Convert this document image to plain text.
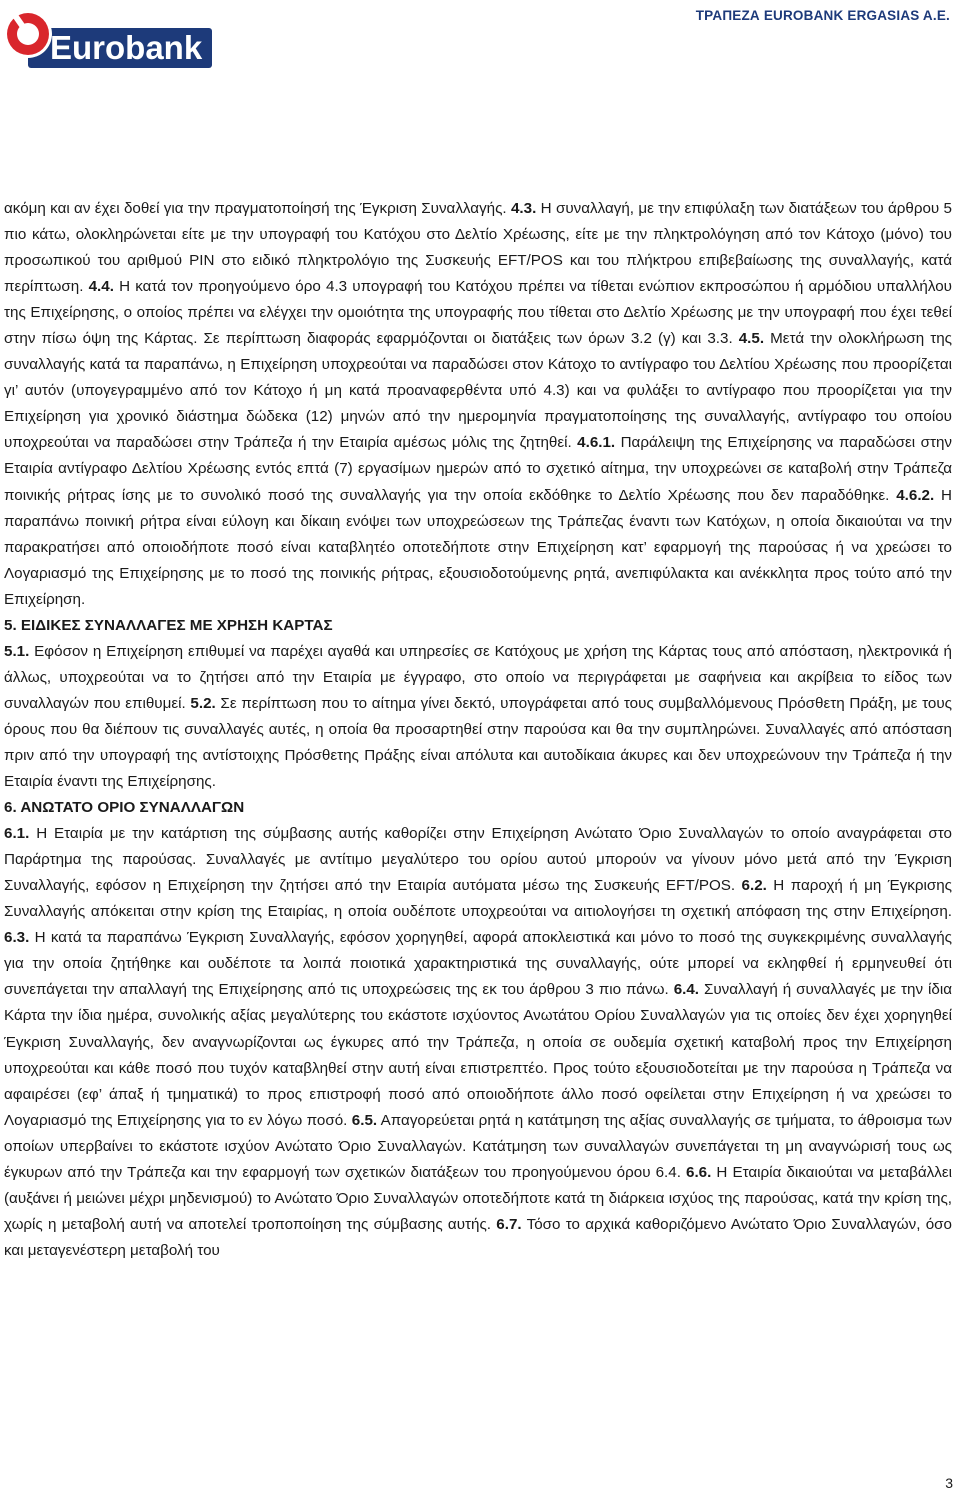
Eurobank
ΤΡΑΠΕΖΑ EUROBANK ERGASIAS A.E.

ακόμη και αν έχει δοθεί για την πραγματοποίησή της Έγκριση Συναλλαγής. 4.3. Η συναλλαγή, με την επιφύλαξη των διατάξεων του άρθρου 5 πιο κάτω, ολοκληρώνεται είτε με την υπογραφή του Κατόχου στο Δελτίο Χρέωσης, είτε με την πληκτρολόγηση από τον Κάτοχο (μόνο) του προσωπικού του αριθμού PIN στο ειδικό πληκτρολόγιο της Συσκευής EFT/POS και του πλήκτρου επιβεβαίωσης της συναλλαγής, κατά περίπτωση. 4.4. Η κατά τον προηγούμενο όρο 4.3 υπογραφή του Κατόχου πρέπει να τίθεται ενώπιον εκπροσώπου ή αρμόδιου υπαλλήλου της Επιχείρησης, ο οποίος πρέπει να ελέγχει την ομοιότητα της υπογραφής που τίθεται στο Δελτίο Χρέωσης με την υπογραφή που έχει τεθεί στην πίσω όψη της Κάρτας. Σε περίπτωση διαφοράς εφαρμόζονται οι διατάξεις των όρων 3.2 (γ) και 3.3. 4.5. Μετά την ολοκλήρωση της συναλλαγής κατά τα παραπάνω, η Επιχείρηση υποχρεούται να παραδώσει στον Κάτοχο το αντίγραφο του Δελτίου Χρέωσης που προορίζεται γι’ αυτόν (υπογεγραμμένο από τον Κάτοχο ή μη κατά προαναφερθέντα υπό 4.3) και να φυλάξει το αντίγραφο που προορίζεται για την Επιχείρηση για χρονικό διάστημα δώδεκα (12) μηνών από την ημερομηνία πραγματοποίησης της συναλλαγής, αντίγραφο του οποίου υποχρεούται να παραδώσει στην Τράπεζα ή την Εταιρία αμέσως μόλις της ζητηθεί. 4.6.1. Παράλειψη της Επιχείρησης να παραδώσει στην Εταιρία αντίγραφο Δελτίου Χρέωσης εντός επτά (7) εργασίμων ημερών από το σχετικό αίτημα, την υποχρεώνει σε καταβολή στην Τράπεζα ποινικής ρήτρας ίσης με το συνολικό ποσό της συναλλαγής για την οποία εκδόθηκε το Δελτίο Χρέωσης που δεν παραδόθηκε. 4.6.2. Η παραπάνω ποινική ρήτρα είναι εύλογη και δίκαιη ενόψει των υποχρεώσεων της Τράπεζας έναντι των Κατόχων, η οποία δικαιούται να την παρακρατήσει από οποιοδήποτε ποσό είναι καταβλητέο οποτεδήποτε στην Επιχείρηση κατ’ εφαρμογή της παρούσας ή να χρεώσει το Λογαριασμό της Επιχείρησης με το ποσό της ποινικής ρήτρας, εξουσιοδοτούμενης ρητά, ανεπιφύλακτα και ανέκκλητα προς τούτο από την Επιχείρηση.

5. ΕΙΔΙΚΕΣ ΣΥΝΑΛΛΑΓΕΣ ΜΕ ΧΡΗΣΗ ΚΑΡΤΑΣ

5.1. Εφόσον η Επιχείρηση επιθυμεί να παρέχει αγαθά και υπηρεσίες σε Κατόχους με χρήση της Κάρτας τους από απόσταση, ηλεκτρονικά ή άλλως, υποχρεούται να το ζητήσει από την Εταιρία με έγγραφο, στο οποίο να περιγράφεται με σαφήνεια και ακρίβεια το είδος των συναλλαγών που επιθυμεί. 5.2. Σε περίπτωση που το αίτημα γίνει δεκτό, υπογράφεται από τους συμβαλλόμενους Πρόσθετη Πράξη, με τους όρους που θα διέπουν τις συναλλαγές αυτές, η οποία θα προσαρτηθεί στην παρούσα και θα την συμπληρώνει. Συναλλαγές από απόσταση πριν από την υπογραφή της αντίστοιχης Πρόσθετης Πράξης είναι απόλυτα και αυτοδίκαια άκυρες και δεν υποχρεώνουν την Τράπεζα ή την Εταιρία έναντι της Επιχείρησης.

6. ΑΝΩΤΑΤΟ ΟΡΙΟ ΣΥΝΑΛΛΑΓΩΝ

6.1. Η Εταιρία με την κατάρτιση της σύμβασης αυτής καθορίζει στην Επιχείρηση Ανώτατο Όριο Συναλλαγών το οποίο αναγράφεται στο Παράρτημα της παρούσας. Συναλλαγές με αντίτιμο μεγαλύτερο του ορίου αυτού μπορούν να γίνουν μόνο μετά από την Έγκριση Συναλλαγής, εφόσον η Επιχείρηση την ζητήσει από την Εταιρία αυτόματα μέσω της Συσκευής EFT/POS. 6.2. Η παροχή ή μη Έγκρισης Συναλλαγής απόκειται στην κρίση της Εταιρίας, η οποία ουδέποτε υποχρεούται να αιτιολογήσει τη σχετική απόφαση της στην Επιχείρηση. 6.3. Η κατά τα παραπάνω Έγκριση Συναλλαγής, εφόσον χορηγηθεί, αφορά αποκλειστικά και μόνο το ποσό της συγκεκριμένης συναλλαγής για την οποία ζητήθηκε και ουδέποτε τα λοιπά ποιοτικά χαρακτηριστικά της συναλλαγής, ούτε μπορεί να εκληφθεί ή ερμηνευθεί ότι συνεπάγεται την απαλλαγή της Επιχείρησης από τις υποχρεώσεις της εκ του άρθρου 3 πιο πάνω. 6.4. Συναλλαγή ή συναλλαγές με την ίδια Κάρτα την ίδια ημέρα, συνολικής αξίας μεγαλύτερης του εκάστοτε ισχύοντος Ανωτάτου Ορίου Συναλλαγών για τις οποίες δεν έχει χορηγηθεί Έγκριση Συναλλαγής, δεν αναγνωρίζονται ως έγκυρες από την Τράπεζα, η οποία σε ουδεμία σχετική καταβολή προς την Επιχείρηση υποχρεούται και κάθε ποσό που τυχόν καταβληθεί στην αυτή είναι επιστρεπτέο. Προς τούτο εξουσιοδοτείται με την παρούσα η Τράπεζα να αφαιρέσει (εφ’ άπαξ ή τμηματικά) το προς επιστροφή ποσό από οποιοδήποτε άλλο ποσό οφείλεται στην Επιχείρηση ή να χρεώσει το Λογαριασμό της Επιχείρησης για το εν λόγω ποσό. 6.5. Απαγορεύεται ρητά η κατάτμηση της αξίας συναλλαγής σε τμήματα, το άθροισμα των οποίων υπερβαίνει το εκάστοτε ισχύον Ανώτατο Όριο Συναλλαγών. Κατάτμηση των συναλλαγών συνεπάγεται τη μη αναγνώρισή τους ως έγκυρων από την Τράπεζα και την εφαρμογή των σχετικών διατάξεων του προηγούμενου όρου 6.4. 6.6. Η Εταιρία δικαιούται να μεταβάλλει (αυξάνει ή μειώνει μέχρι μηδενισμού) το Ανώτατο Όριο Συναλλαγών οποτεδήποτε κατά τη διάρκεια ισχύος της παρούσας, κατά την κρίση της, χωρίς η μεταβολή αυτή να αποτελεί τροποποίηση της σύμβασης αυτής. 6.7. Τόσο το αρχικά καθοριζόμενο Ανώτατο Όριο Συναλλαγών, όσο και μεταγενέστερη μεταβολή του

3
